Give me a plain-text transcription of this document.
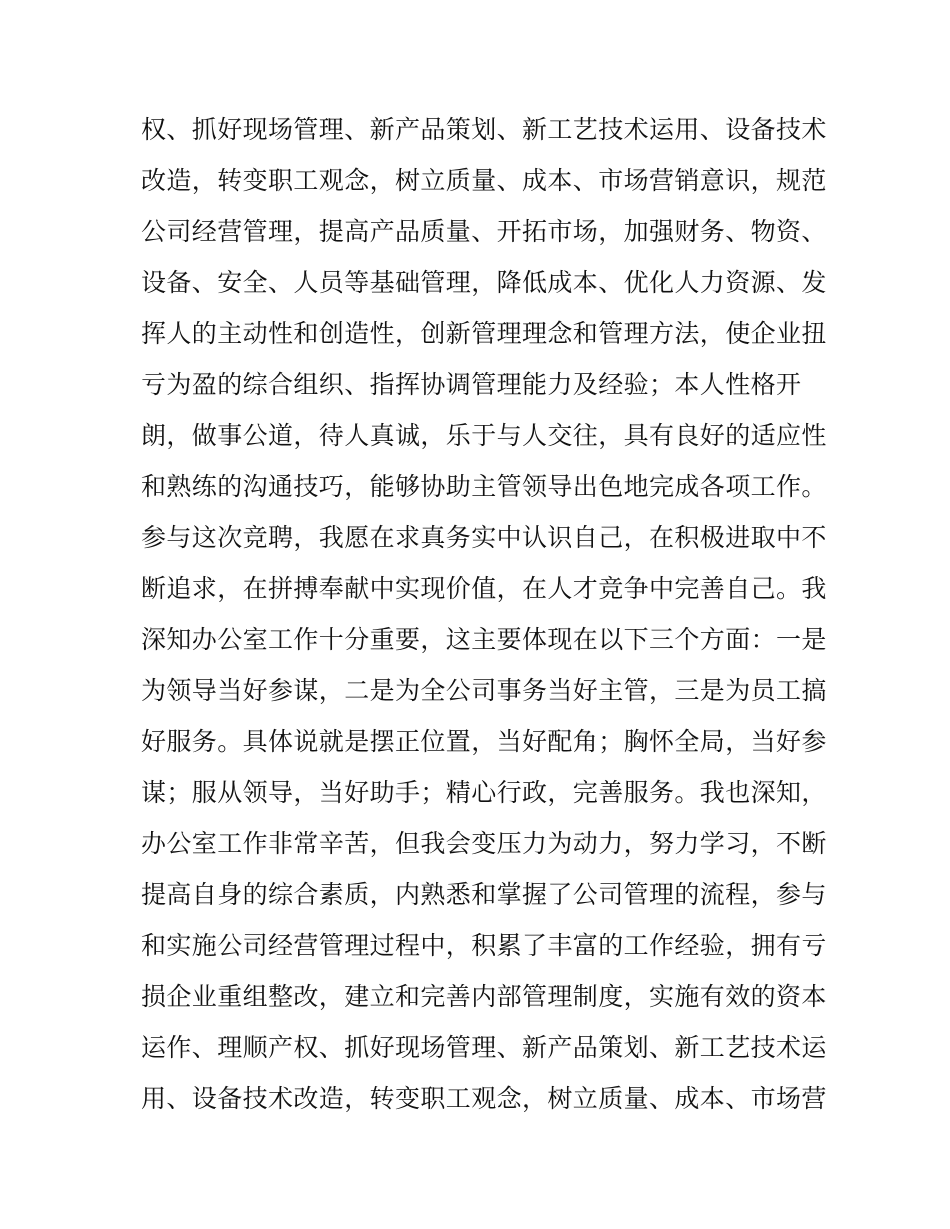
权、抓好现场管理、新产品策划、新工艺技术运用、设备技术
改造，转变职工观念，树立质量、成本、市场营销意识，规范
公司经营管理，提高产品质量、开拓市场，加强财务、物资、
设备、安全、人员等基础管理，降低成本、优化人力资源、发
挥人的主动性和创造性，创新管理理念和管理方法，使企业扭
亏为盈的综合组织、指挥协调管理能力及经验；本人性格开
朗，做事公道，待人真诚，乐于与人交往，具有良好的适应性
和熟练的沟通技巧，能够协助主管领导出色地完成各项工作。
参与这次竞聘，我愿在求真务实中认识自己，在积极进取中不
断追求，在拼搏奉献中实现价值，在人才竞争中完善自己。我
深知办公室工作十分重要，这主要体现在以下三个方面：一是
为领导当好参谋，二是为全公司事务当好主管，三是为员工搞
好服务。具体说就是摆正位置，当好配角；胸怀全局，当好参
谋；服从领导，当好助手；精心行政，完善服务。我也深知，
办公室工作非常辛苦，但我会变压力为动力，努力学习，不断
提高自身的综合素质，内熟悉和掌握了公司管理的流程，参与
和实施公司经营管理过程中，积累了丰富的工作经验，拥有亏
损企业重组整改，建立和完善内部管理制度，实施有效的资本
运作、理顺产权、抓好现场管理、新产品策划、新工艺技术运
用、设备技术改造，转变职工观念，树立质量、成本、市场营
